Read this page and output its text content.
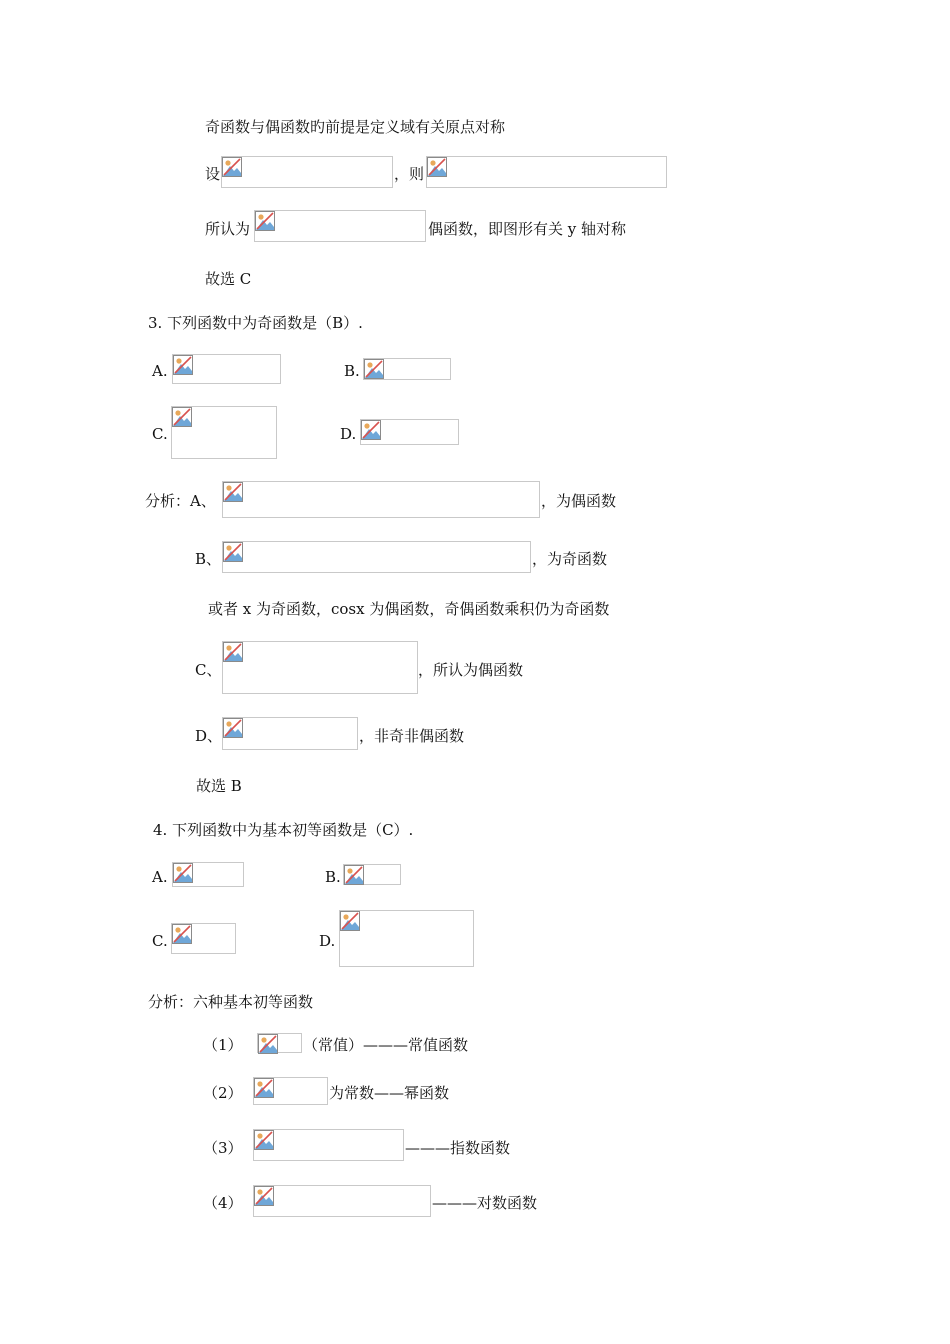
奇函数与偶函数旳前提是定义域有关原点对称
设	，则
所认为	偶函数，即图形有关 y 轴对称
故选 C
3. 下列函数中为奇函数是（B）.
A.	B.
C.	D.
分析：A、	，为偶函数
B、	，为奇函数
或者 x 为奇函数，cosx 为偶函数，奇偶函数乘积仍为奇函数
C、	，所认为偶函数
D、	，非奇非偶函数
故选 B
4. 下列函数中为基本初等函数是（C）.
A.	B.
C.	D.
分析：六种基本初等函数
（1）	（常值）———常值函数
（2）	为常数——幂函数
（3）	———指数函数
（4）	———对数函数
